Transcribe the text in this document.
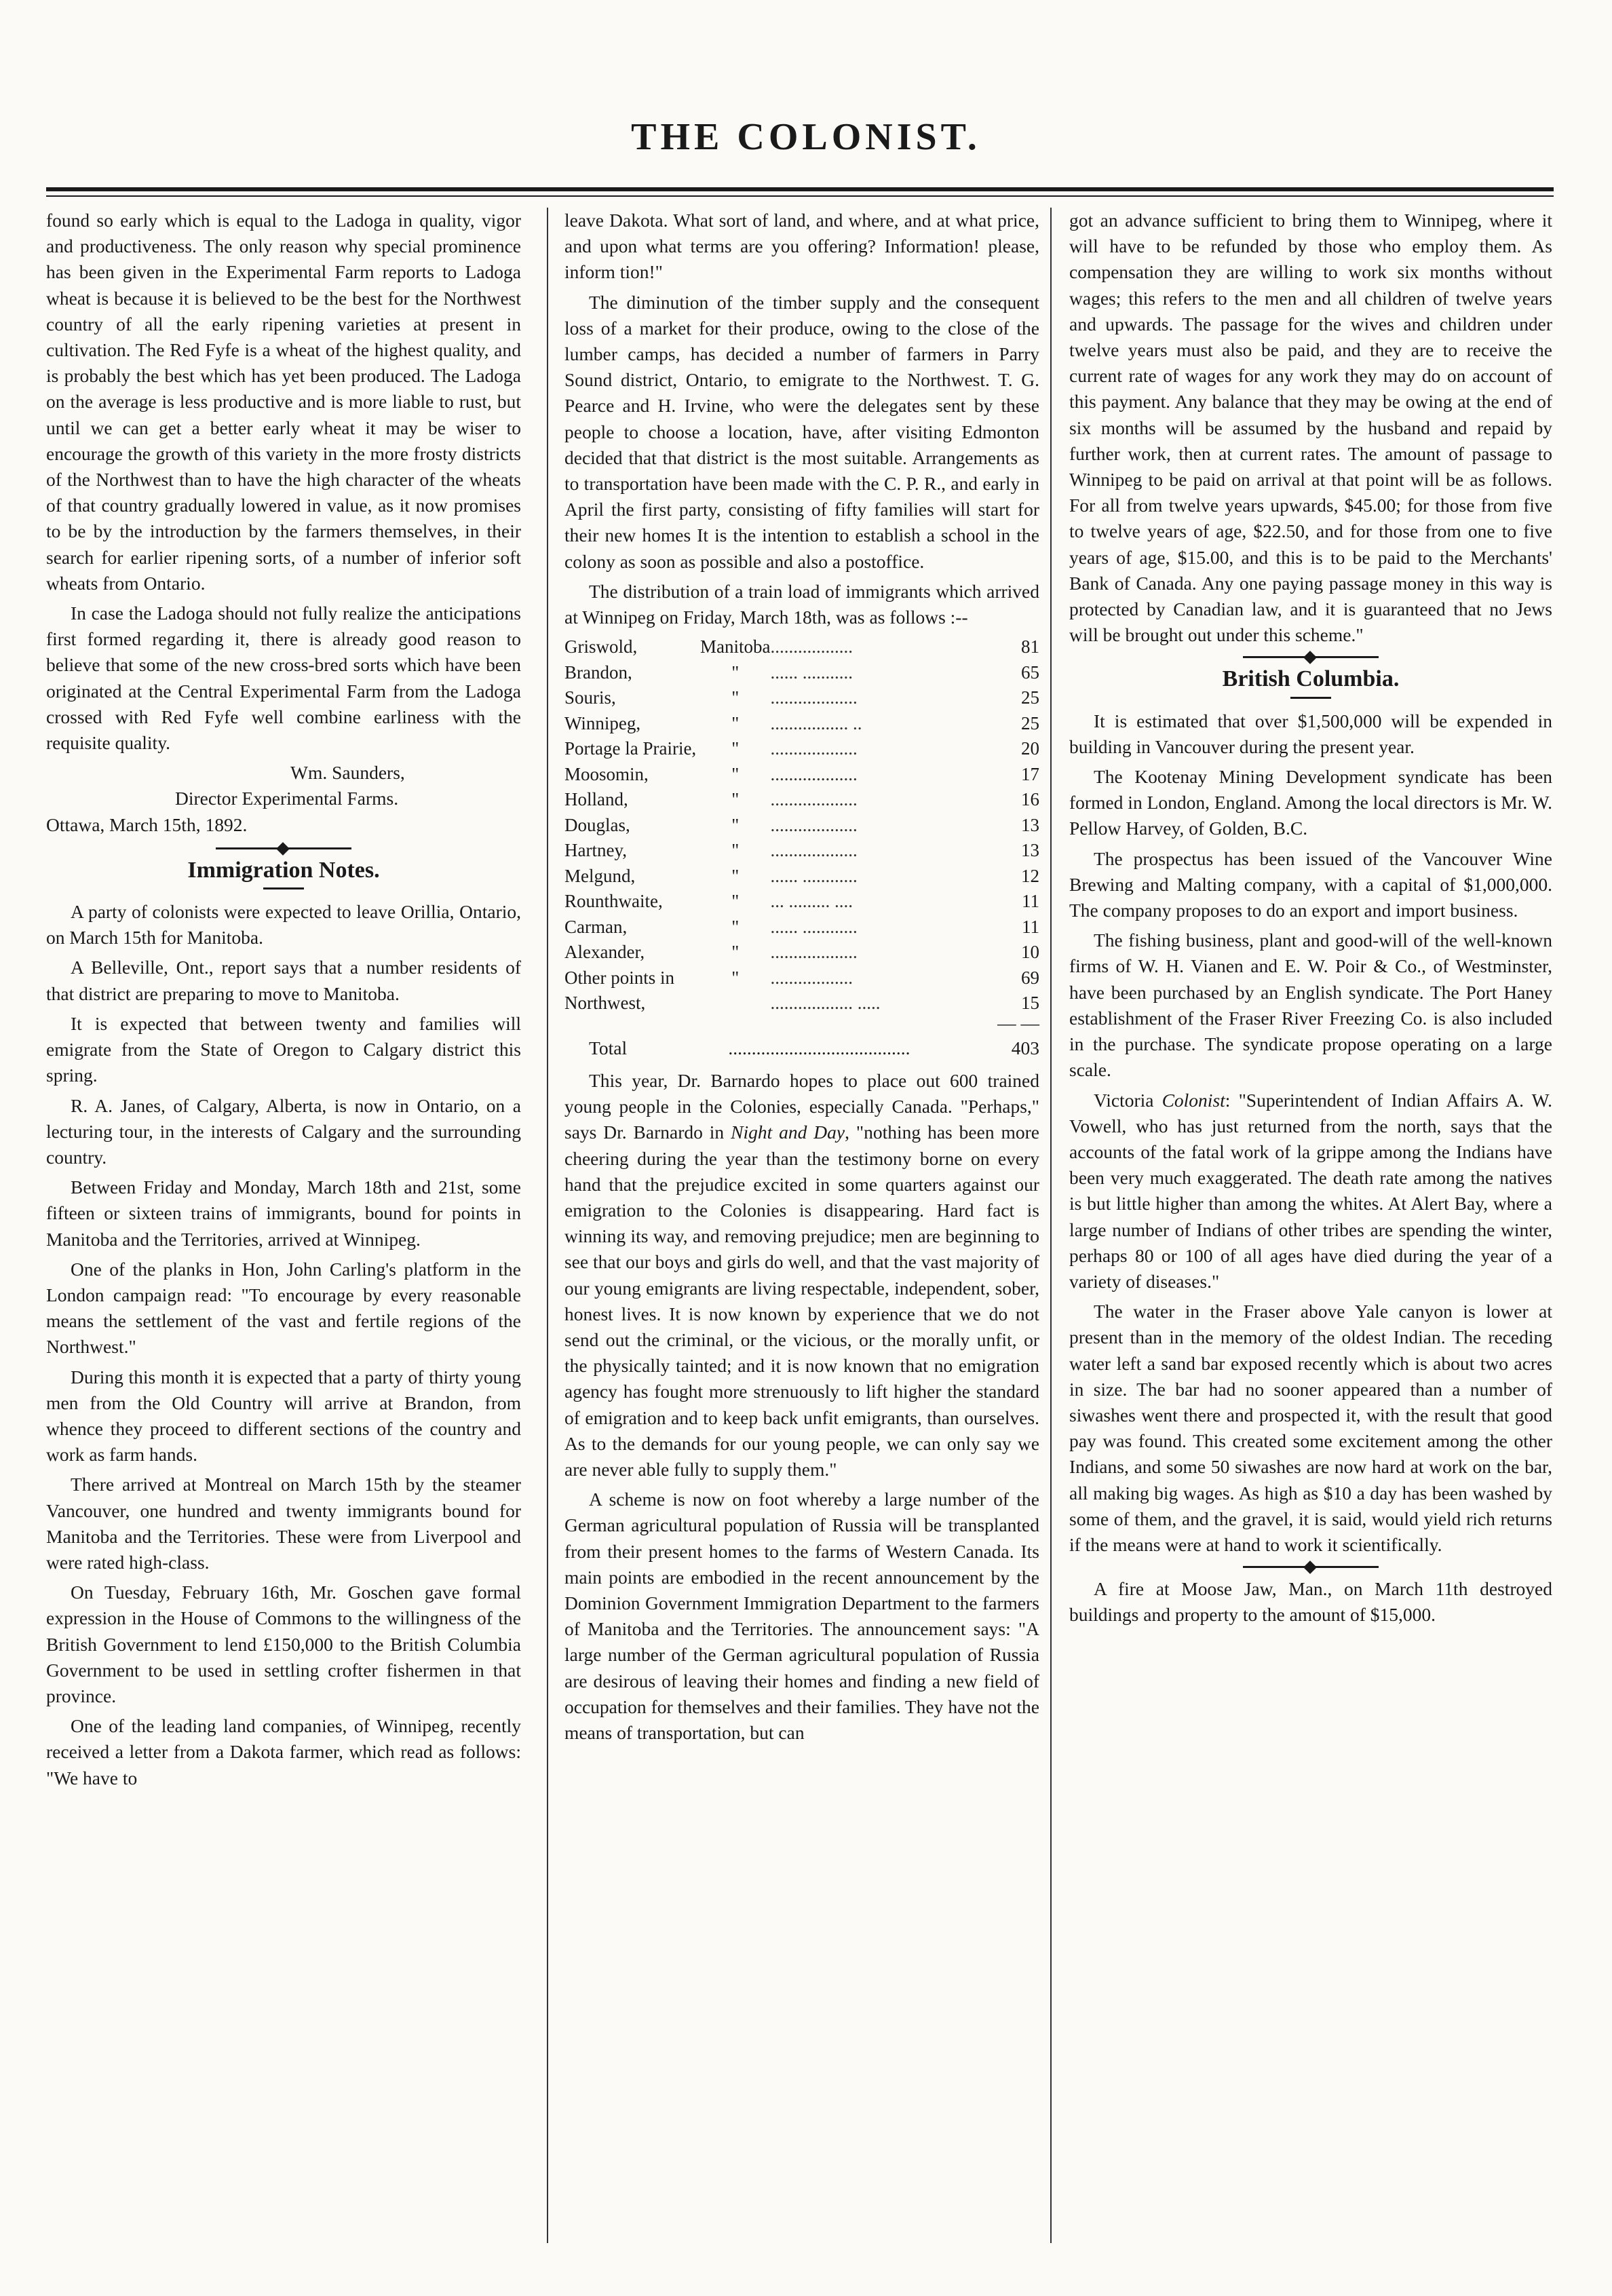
THE COLONIST.

found so early which is equal to the Ladoga in quality, vigor and productiveness. The only reason why special prominence has been given in the Experimental Farm reports to Ladoga wheat is because it is believed to be the best for the Northwest country of all the early ripening varieties at present in cultivation. The Red Fyfe is a wheat of the highest quality, and is probably the best which has yet been produced. The Ladoga on the average is less productive and is more liable to rust, but until we can get a better early wheat it may be wiser to encourage the growth of this variety in the more frosty districts of the Northwest than to have the high character of the wheats of that country gradually lowered in value, as it now promises to be by the introduction by the farmers themselves, in their search for earlier ripening sorts, of a number of inferior soft wheats from Ontario.

In case the Ladoga should not fully realize the anticipations first formed regarding it, there is already good reason to believe that some of the new cross-bred sorts which have been originated at the Central Experimental Farm from the Ladoga crossed with Red Fyfe well combine earliness with the requisite quality.

Wm. Saunders,

Director Experimental Farms.

Ottawa, March 15th, 1892.

Immigration Notes.

A party of colonists were expected to leave Orillia, Ontario, on March 15th for Manitoba.

A Belleville, Ont., report says that a number residents of that district are preparing to move to Manitoba.

It is expected that between twenty and families will emigrate from the State of Oregon to Calgary district this spring.

R. A. Janes, of Calgary, Alberta, is now in Ontario, on a lecturing tour, in the interests of Calgary and the surrounding country.

Between Friday and Monday, March 18th and 21st, some fifteen or sixteen trains of immigrants, bound for points in Manitoba and the Territories, arrived at Winnipeg.

One of the planks in Hon, John Carling's platform in the London campaign read: "To encourage by every reasonable means the settlement of the vast and fertile regions of the Northwest."

During this month it is expected that a party of thirty young men from the Old Country will arrive at Brandon, from whence they proceed to different sections of the country and work as farm hands.

There arrived at Montreal on March 15th by the steamer Vancouver, one hundred and twenty immigrants bound for Manitoba and the Territories. These were from Liverpool and were rated high-class.

On Tuesday, February 16th, Mr. Goschen gave formal expression in the House of Commons to the willingness of the British Government to lend £150,000 to the British Columbia Government to be used in settling crofter fishermen in that province.

One of the leading land companies, of Winnipeg, recently received a letter from a Dakota farmer, which read as follows: "We have to

leave Dakota. What sort of land, and where, and at what price, and upon what terms are you offering? Information! please, inform tion!"

The diminution of the timber supply and the consequent loss of a market for their produce, owing to the close of the lumber camps, has decided a number of farmers in Parry Sound district, Ontario, to emigrate to the Northwest. T. G. Pearce and H. Irvine, who were the delegates sent by these people to choose a location, have, after visiting Edmonton decided that that district is the most suitable. Arrangements as to transportation have been made with the C. P. R., and early in April the first party, consisting of fifty families will start for their new homes It is the intention to establish a school in the colony as soon as possible and also a postoffice.

The distribution of a train load of immigrants which arrived at Winnipeg on Friday, March 18th, was as follows :--

Griswold,	Manitoba	..................	81
Brandon,	"	...... ...........	65
Souris,	"	...................	25
Winnipeg,	"	................. ..	25
Portage la Prairie,	"	...................	20
Moosomin,	"	...................	17
Holland,	"	...................	16
Douglas,	"	...................	13
Hartney,	"	...................	13
Melgund,	"	...... ............	12
Rounthwaite,	"	... ......... ....	11
Carman,	"	...... ............	11
Alexander,	"	...................	10
Other points in	"	..................	69
Northwest,		.................. .....	15
— —
Total	.......................................	403

This year, Dr. Barnardo hopes to place out 600 trained young people in the Colonies, especially Canada. "Perhaps," says Dr. Barnardo in Night and Day, "nothing has been more cheering during the year than the testimony borne on every hand that the prejudice excited in some quarters against our emigration to the Colonies is disappearing. Hard fact is winning its way, and removing prejudice; men are beginning to see that our boys and girls do well, and that the vast majority of our young emigrants are living respectable, independent, sober, honest lives. It is now known by experience that we do not send out the criminal, or the vicious, or the morally unfit, or the physically tainted; and it is now known that no emigration agency has fought more strenuously to lift higher the standard of emigration and to keep back unfit emigrants, than ourselves. As to the demands for our young people, we can only say we are never able fully to supply them."

A scheme is now on foot whereby a large number of the German agricultural population of Russia will be transplanted from their present homes to the farms of Western Canada. Its main points are embodied in the recent announcement by the Dominion Government Immigration Department to the farmers of Manitoba and the Territories. The announcement says: "A large number of the German agricultural population of Russia are desirous of leaving their homes and finding a new field of occupation for themselves and their families. They have not the means of transportation, but can

got an advance sufficient to bring them to Winnipeg, where it will have to be refunded by those who employ them. As compensation they are willing to work six months without wages; this refers to the men and all children of twelve years and upwards. The passage for the wives and children under twelve years must also be paid, and they are to receive the current rate of wages for any work they may do on account of this payment. Any balance that they may be owing at the end of six months will be assumed by the husband and repaid by further work, then at current rates. The amount of passage to Winnipeg to be paid on arrival at that point will be as follows. For all from twelve years upwards, $45.00; for those from five to twelve years of age, $22.50, and for those from one to five years of age, $15.00, and this is to be paid to the Merchants' Bank of Canada. Any one paying passage money in this way is protected by Canadian law, and it is guaranteed that no Jews will be brought out under this scheme."

British Columbia.

It is estimated that over $1,500,000 will be expended in building in Vancouver during the present year.

The Kootenay Mining Development syndicate has been formed in London, England. Among the local directors is Mr. W. Pellow Harvey, of Golden, B.C.

The prospectus has been issued of the Vancouver Wine Brewing and Malting company, with a capital of $1,000,000. The company proposes to do an export and import business.

The fishing business, plant and good-will of the well-known firms of W. H. Vianen and E. W. Poir & Co., of Westminster, have been purchased by an English syndicate. The Port Haney establishment of the Fraser River Freezing Co. is also included in the purchase. The syndicate propose operating on a large scale.

Victoria Colonist: "Superintendent of Indian Affairs A. W. Vowell, who has just returned from the north, says that the accounts of the fatal work of la grippe among the Indians have been very much exaggerated. The death rate among the natives is but little higher than among the whites. At Alert Bay, where a large number of Indians of other tribes are spending the winter, perhaps 80 or 100 of all ages have died during the year of a variety of diseases."

The water in the Fraser above Yale canyon is lower at present than in the memory of the oldest Indian. The receding water left a sand bar exposed recently which is about two acres in size. The bar had no sooner appeared than a number of siwashes went there and prospected it, with the result that good pay was found. This created some excitement among the other Indians, and some 50 siwashes are now hard at work on the bar, all making big wages. As high as $10 a day has been washed by some of them, and the gravel, it is said, would yield rich returns if the means were at hand to work it scientifically.

A fire at Moose Jaw, Man., on March 11th destroyed buildings and property to the amount of $15,000.
